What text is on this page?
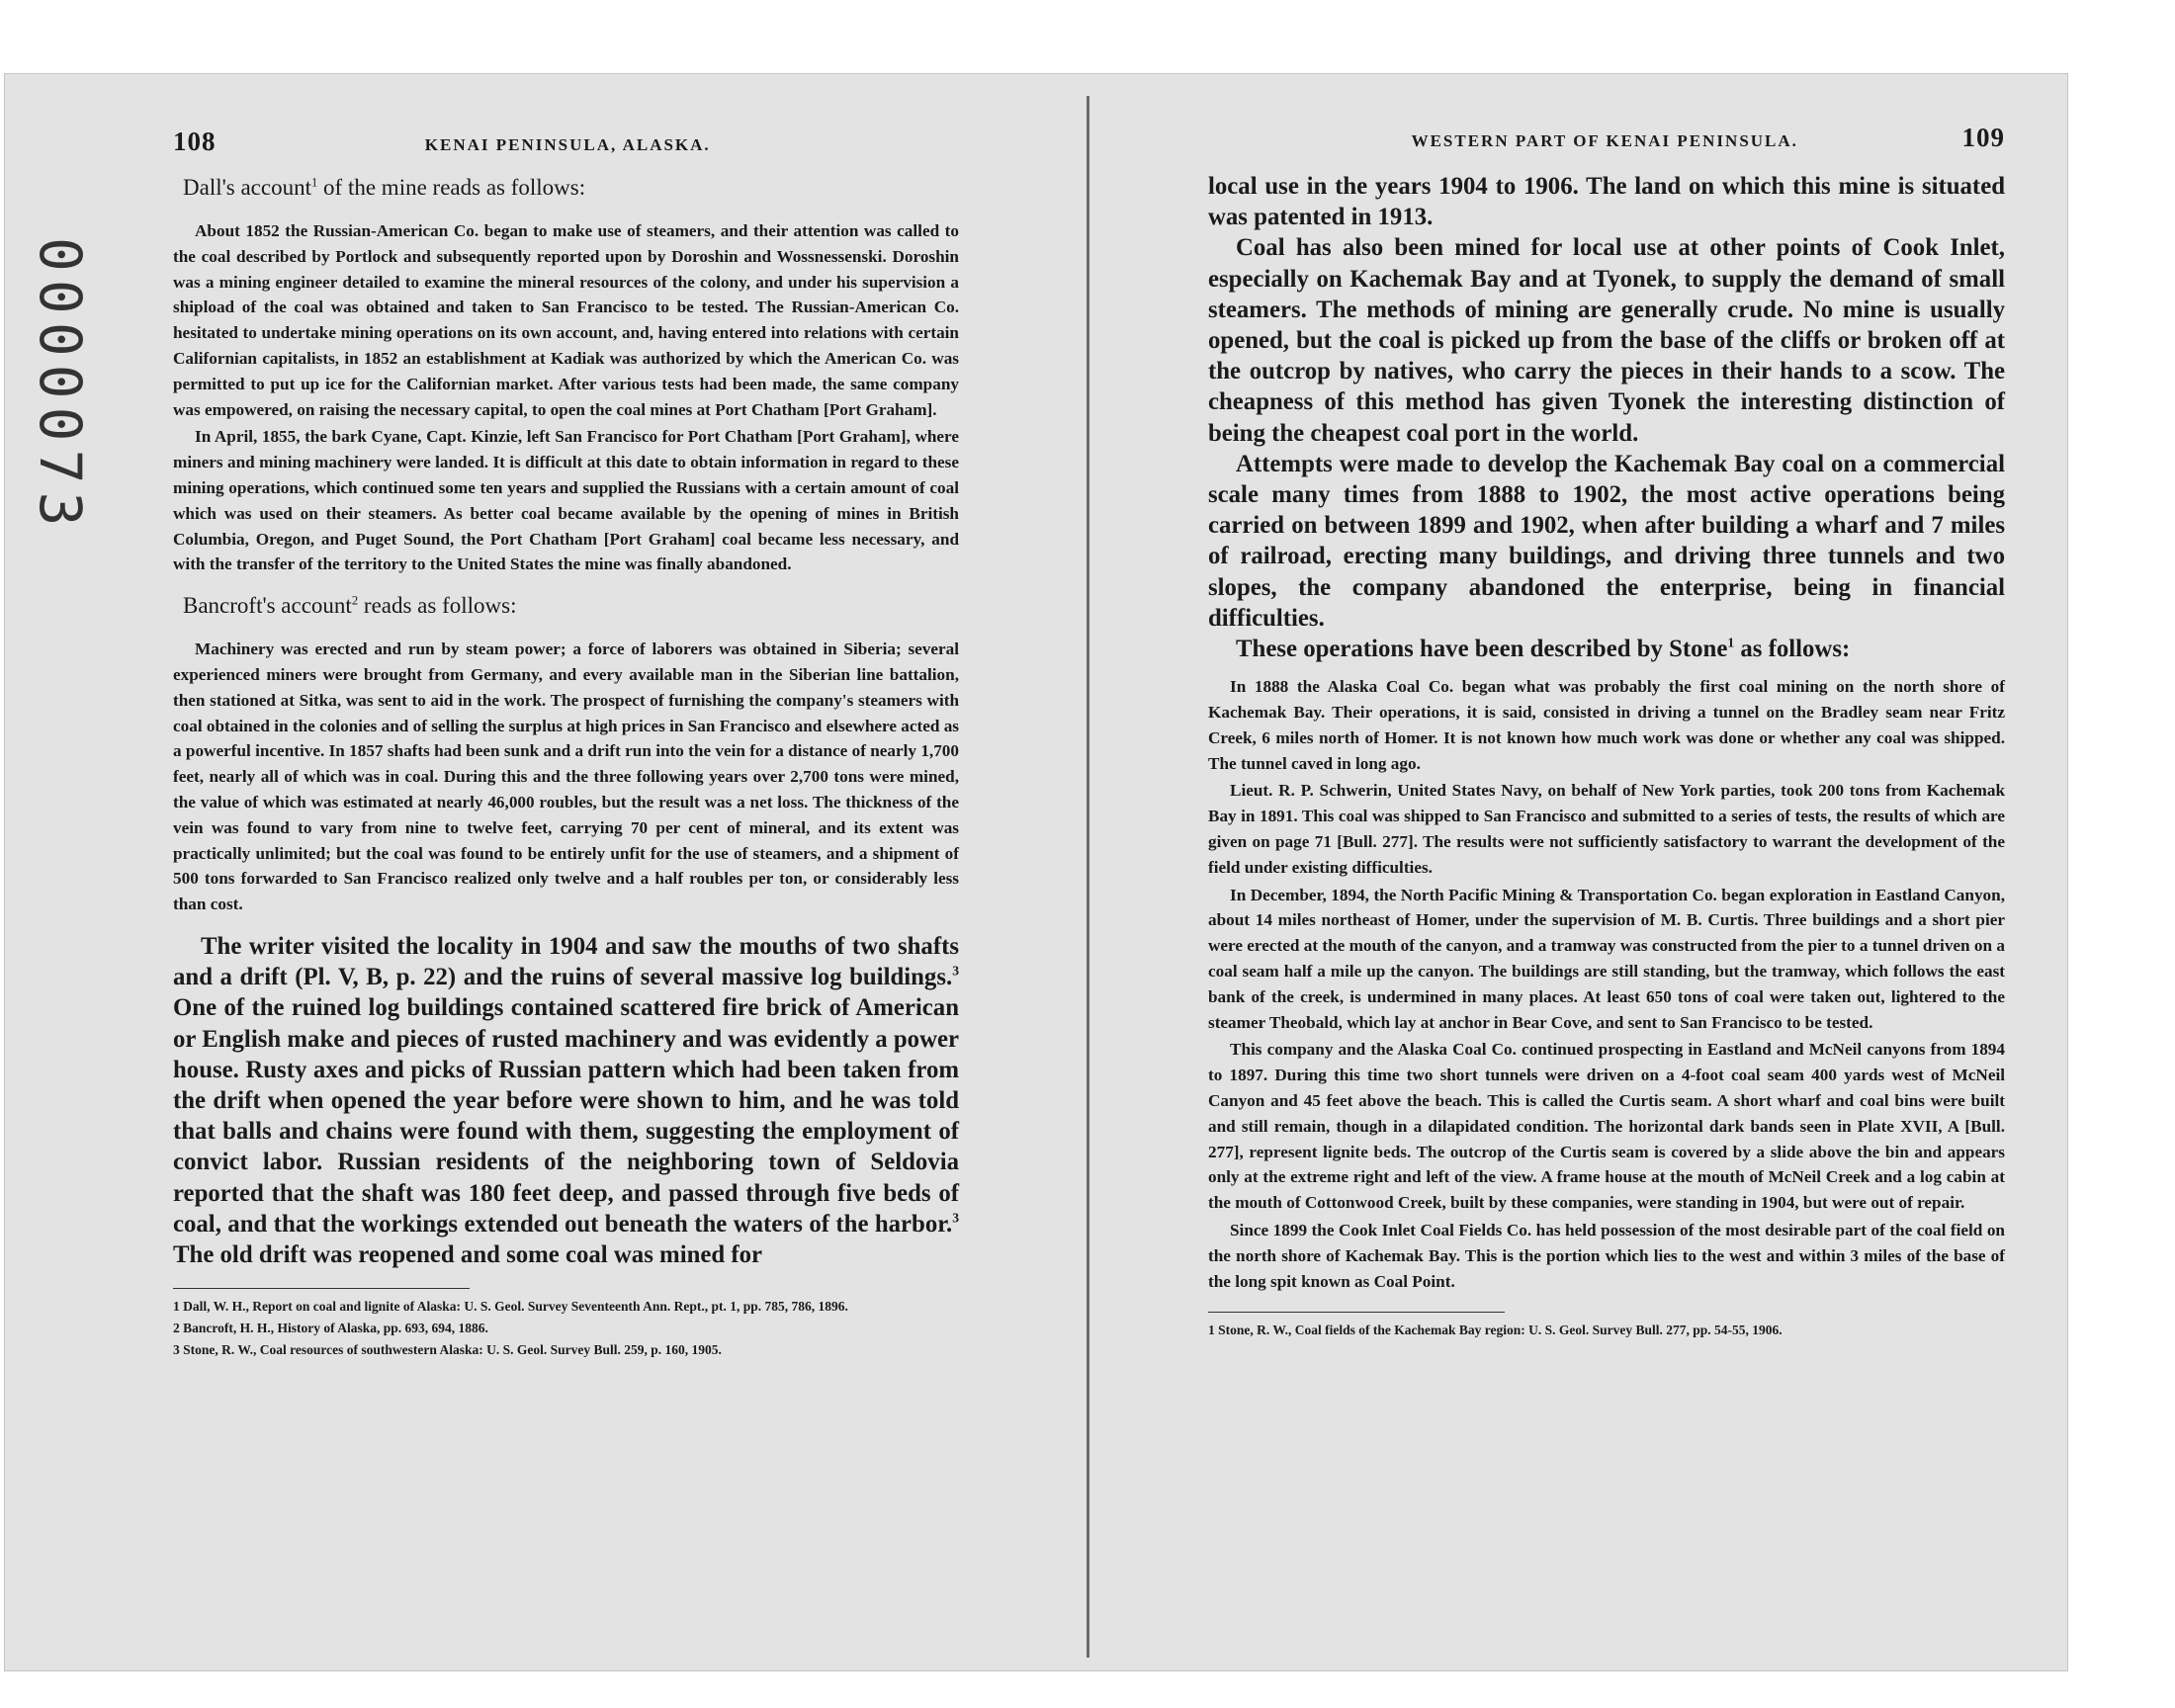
0000073
108	KENAI PENINSULA, ALASKA.
Dall's account$^1$ of the mine reads as follows:

About 1852 the Russian-American Co. began to make use of steamers, and their attention was called to the coal described by Portlock and subsequently reported upon by Doroshin and Wossnessenski. Doroshin was a mining engineer detailed to examine the mineral resources of the colony, and under his supervision a shipload of the coal was obtained and taken to San Francisco to be tested. The Russian-American Co. hesitated to undertake mining operations on its own account, and, having entered into relations with certain Californian capitalists, in 1852 an establishment at Kadiak was authorized by which the American Co. was permitted to put up ice for the Californian market. After various tests had been made, the same company was empowered, on raising the necessary capital, to open the coal mines at Port Chatham [Port Graham].

In April, 1855, the bark Cyane, Capt. Kinzie, left San Francisco for Port Chatham [Port Graham], where miners and mining machinery were landed. It is difficult at this date to obtain information in regard to these mining operations, which continued some ten years and supplied the Russians with a certain amount of coal which was used on their steamers. As better coal became available by the opening of mines in British Columbia, Oregon, and Puget Sound, the Port Chatham [Port Graham] coal became less necessary, and with the transfer of the territory to the United States the mine was finally abandoned.

Bancroft's account$^2$ reads as follows:

Machinery was erected and run by steam power; a force of laborers was obtained in Siberia; several experienced miners were brought from Germany, and every available man in the Siberian line battalion, then stationed at Sitka, was sent to aid in the work. The prospect of furnishing the company's steamers with coal obtained in the colonies and of selling the surplus at high prices in San Francisco and elsewhere acted as a powerful incentive. In 1857 shafts had been sunk and a drift run into the vein for a distance of nearly 1,700 feet, nearly all of which was in coal. During this and the three following years over 2,700 tons were mined, the value of which was estimated at nearly 46,000 roubles, but the result was a net loss. The thickness of the vein was found to vary from nine to twelve feet, carrying 70 per cent of mineral, and its extent was practically unlimited; but the coal was found to be entirely unfit for the use of steamers, and a shipment of 500 tons forwarded to San Francisco realized only twelve and a half roubles per ton, or considerably less than cost.

The writer visited the locality in 1904 and saw the mouths of two shafts and a drift (Pl. V, B, p. 22) and the ruins of several massive log buildings.$^3$ One of the ruined log buildings contained scattered fire brick of American or English make and pieces of rusted machinery and was evidently a power house. Rusty axes and picks of Russian pattern which had been taken from the drift when opened the year before were shown to him, and he was told that balls and chains were found with them, suggesting the employment of convict labor. Russian residents of the neighboring town of Seldovia reported that the shaft was 180 feet deep, and passed through five beds of coal, and that the workings extended out beneath the waters of the harbor.$^3$ The old drift was reopened and some coal was mined for

1 Dall, W. H., Report on coal and lignite of Alaska: U. S. Geol. Survey Seventeenth Ann. Rept., pt. 1, pp. 785, 786, 1896.

2 Bancroft, H. H., History of Alaska, pp. 693, 694, 1886.

3 Stone, R. W., Coal resources of southwestern Alaska: U. S. Geol. Survey Bull. 259, p. 160, 1905.

WESTERN PART OF KENAI PENINSULA.	109

local use in the years 1904 to 1906. The land on which this mine is situated was patented in 1913.

Coal has also been mined for local use at other points of Cook Inlet, especially on Kachemak Bay and at Tyonek, to supply the demand of small steamers. The methods of mining are generally crude. No mine is usually opened, but the coal is picked up from the base of the cliffs or broken off at the outcrop by natives, who carry the pieces in their hands to a scow. The cheapness of this method has given Tyonek the interesting distinction of being the cheapest coal port in the world.

Attempts were made to develop the Kachemak Bay coal on a commercial scale many times from 1888 to 1902, the most active operations being carried on between 1899 and 1902, when after building a wharf and 7 miles of railroad, erecting many buildings, and driving three tunnels and two slopes, the company abandoned the enterprise, being in financial difficulties.

These operations have been described by Stone$^1$ as follows:

In 1888 the Alaska Coal Co. began what was probably the first coal mining on the north shore of Kachemak Bay. Their operations, it is said, consisted in driving a tunnel on the Bradley seam near Fritz Creek, 6 miles north of Homer. It is not known how much work was done or whether any coal was shipped. The tunnel caved in long ago.

Lieut. R. P. Schwerin, United States Navy, on behalf of New York parties, took 200 tons from Kachemak Bay in 1891. This coal was shipped to San Francisco and submitted to a series of tests, the results of which are given on page 71 [Bull. 277]. The results were not sufficiently satisfactory to warrant the development of the field under existing difficulties.

In December, 1894, the North Pacific Mining & Transportation Co. began exploration in Eastland Canyon, about 14 miles northeast of Homer, under the supervision of M. B. Curtis. Three buildings and a short pier were erected at the mouth of the canyon, and a tramway was constructed from the pier to a tunnel driven on a coal seam half a mile up the canyon. The buildings are still standing, but the tramway, which follows the east bank of the creek, is undermined in many places. At least 650 tons of coal were taken out, lightered to the steamer Theobald, which lay at anchor in Bear Cove, and sent to San Francisco to be tested.

This company and the Alaska Coal Co. continued prospecting in Eastland and McNeil canyons from 1894 to 1897. During this time two short tunnels were driven on a 4-foot coal seam 400 yards west of McNeil Canyon and 45 feet above the beach. This is called the Curtis seam. A short wharf and coal bins were built and still remain, though in a dilapidated condition. The horizontal dark bands seen in Plate XVII, A [Bull. 277], represent lignite beds. The outcrop of the Curtis seam is covered by a slide above the bin and appears only at the extreme right and left of the view. A frame house at the mouth of McNeil Creek and a log cabin at the mouth of Cottonwood Creek, built by these companies, were standing in 1904, but were out of repair.

Since 1899 the Cook Inlet Coal Fields Co. has held possession of the most desirable part of the coal field on the north shore of Kachemak Bay. This is the portion which lies to the west and within 3 miles of the base of the long spit known as Coal Point.

1 Stone, R. W., Coal fields of the Kachemak Bay region: U. S. Geol. Survey Bull. 277, pp. 54-55, 1906.
